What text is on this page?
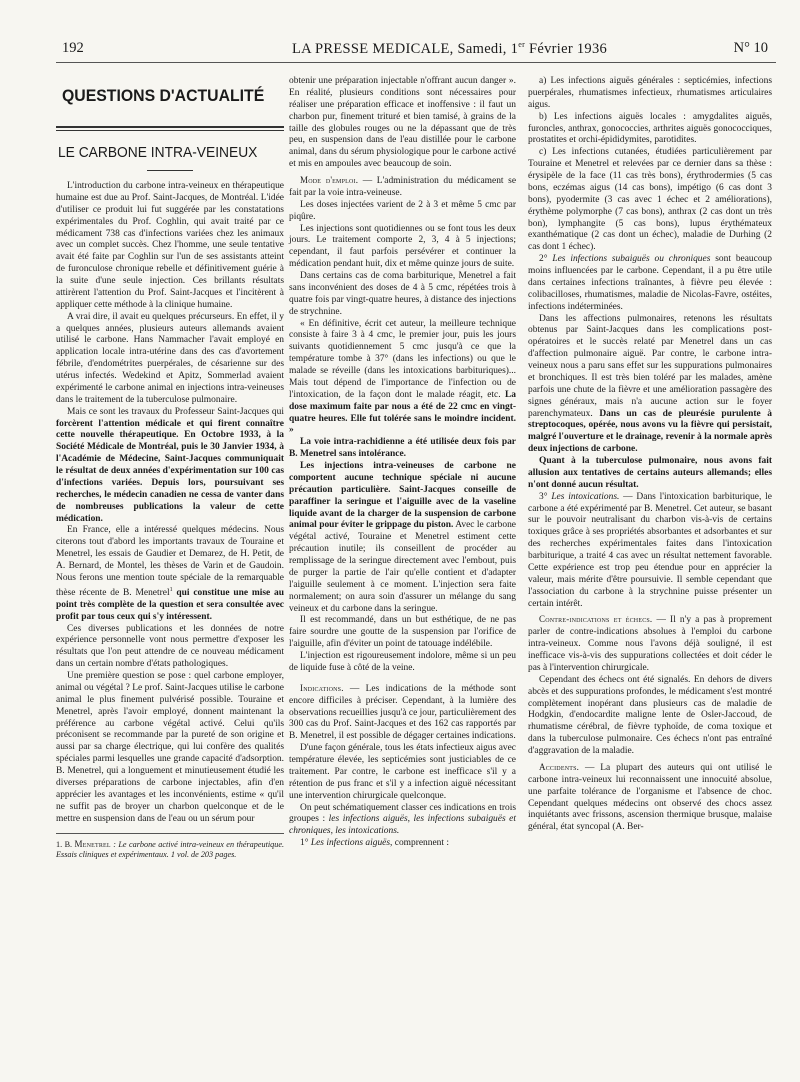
192	LA PRESSE MEDICALE, Samedi, 1er Février 1936	N° 10
QUESTIONS D'ACTUALITÉ
LE CARBONE INTRA-VEINEUX

L'introduction du carbone intra-veineux en thérapeutique humaine est due au Prof. Saint-Jacques, de Montréal. L'idée d'utiliser ce produit lui fut suggérée par les constatations expérimentales du Prof. Coghlin, qui avait traité par ce médicament 738 cas d'infections variées chez les animaux avec un complet succès. Chez l'homme, une seule tentative avait été faite par Coghlin sur l'un de ses assistants atteint de furonculose chronique rebelle et définitivement guérie à la suite d'une seule injection. Ces brillants résultats attirèrent l'attention du Prof. Saint-Jacques et l'incitèrent à appliquer cette méthode à la clinique humaine.

A vrai dire, il avait eu quelques précurseurs. En effet, il y a quelques années, plusieurs auteurs allemands avaient utilisé le carbone. Hans Nammacher l'avait employé en application locale intra-utérine dans des cas d'avortement fébrile, d'endométrites puerpérales, de césarienne sur des utérus infectés. Wedekind et Apitz, Sommerlad avaient expérimenté le carbone animal en injections intra-veineuses dans le traitement de la tuberculose pulmonaire.

Mais ce sont les travaux du Professeur Saint-Jacques qui forcèrent l'attention médicale et qui firent connaître cette nouvelle thérapeutique. En Octobre 1933, à la Société Médicale de Montréal, puis le 30 Janvier 1934, à l'Académie de Médecine, Saint-Jacques communiquait le résultat de deux années d'expérimentation sur 100 cas d'infections variées. Depuis lors, poursuivant ses recherches, le médecin canadien ne cessa de vanter dans de nombreuses publications la valeur de cette médication.

En France, elle a intéressé quelques médecins. Nous citerons tout d'abord les importants travaux de Touraine et Menetrel, les essais de Gaudier et Demarez, de H. Petit, de A. Bernard, de Montel, les thèses de Varin et de Gaudoin. Nous ferons une mention toute spéciale de la remarquable thèse récente de B. Menetrel$^1$ qui constitue une mise au point très complète de la question et sera consultée avec profit par tous ceux qui s'y intéressent.

Ces diverses publications et les données de notre expérience personnelle vont nous permettre d'exposer les résultats que l'on peut attendre de ce nouveau médicament dans un certain nombre d'états pathologiques.

Une première question se pose : quel carbone employer, animal ou végétal ? Le prof. Saint-Jacques utilise le carbone animal le plus finement pulvérisé possible. Touraine et Menetrel, après l'avoir employé, donnent maintenant la préférence au carbone végétal activé. Celui qu'ils préconisent se recommande par la pureté de son origine et aussi par sa charge électrique, qui lui confère des qualités spéciales parmi lesquelles une grande capacité d'adsorption. B. Menetrel, qui a longuement et minutieusement étudié les diverses préparations de carbone injectables, afin d'en apprécier les avantages et les inconvénients, estime « qu'il ne suffit pas de broyer un charbon quelconque et de le mettre en suspension dans de l'eau ou un sérum pour

1. B. Menetrel : Le carbone activé intra-veineux en thérapeutique. Essais cliniques et expérimentaux. 1 vol. de 203 pages.

obtenir une préparation injectable n'offrant aucun danger ». En réalité, plusieurs conditions sont nécessaires pour réaliser une préparation efficace et inoffensive : il faut un charbon pur, finement trituré et bien tamisé, à grains de la taille des globules rouges ou ne la dépassant que de très peu, en suspension dans de l'eau distillée pour le carbone animal, dans du sérum physiologique pour le carbone activé et mis en ampoules avec beaucoup de soin.

Mode d'emploi. — L'administration du médicament se fait par la voie intra-veineuse.

Les doses injectées varient de 2 à 3 et même 5 cmc par piqûre.

Les injections sont quotidiennes ou se font tous les deux jours. Le traitement comporte 2, 3, 4 à 5 injections; cependant, il faut parfois persévérer et continuer la médication pendant huit, dix et même quinze jours de suite.

Dans certains cas de coma barbiturique, Menetrel a fait sans inconvénient des doses de 4 à 5 cmc, répétées trois à quatre fois par vingt-quatre heures, à distance des injections de strychnine.

« En définitive, écrit cet auteur, la meilleure technique consiste à faire 3 à 4 cmc, le premier jour, puis les jours suivants quotidiennement 5 cmc jusqu'à ce que la température tombe à 37° (dans les infections) ou que le malade se réveille (dans les intoxications barbituriques)... Mais tout dépend de l'importance de l'infection ou de l'intoxication, de la façon dont le malade réagit, etc. La dose maximum faite par nous a été de 22 cmc en vingt-quatre heures. Elle fut tolérée sans le moindre incident. »

La voie intra-rachidienne a été utilisée deux fois par B. Menetrel sans intolérance.

Les injections intra-veineuses de carbone ne comportent aucune technique spéciale ni aucune précaution particulière. Saint-Jacques conseille de paraffiner la seringue et l'aiguille avec de la vaseline liquide avant de la charger de la suspension de carbone animal pour éviter le grippage du piston. Avec le carbone végétal activé, Touraine et Menetrel estiment cette précaution inutile; ils conseillent de procéder au remplissage de la seringue directement avec l'embout, puis de purger la partie de l'air qu'elle contient et d'adapter l'aiguille seulement à ce moment. L'injection sera faite normalement; on aura soin d'assurer un mélange du sang veineux et du carbone dans la seringue.

Il est recommandé, dans un but esthétique, de ne pas faire sourdre une goutte de la suspension par l'orifice de l'aiguille, afin d'éviter un point de tatouage indélébile.

L'injection est rigoureusement indolore, même si un peu de liquide fuse à côté de la veine.

Indications. — Les indications de la méthode sont encore difficiles à préciser. Cependant, à la lumière des observations recueillies jusqu'à ce jour, particulièrement des 300 cas du Prof. Saint-Jacques et des 162 cas rapportés par B. Menetrel, il est possible de dégager certaines indications.

D'une façon générale, tous les états infectieux aigus avec température élevée, les septicémies sont justiciables de ce traitement. Par contre, le carbone est inefficace s'il y a rétention de pus franc et s'il y a infection aiguë nécessitant une intervention chirurgicale quelconque.

On peut schématiquement classer ces indications en trois groupes : les infections aiguës, les infections subaiguës et chroniques, les intoxications.

1° Les infections aiguës, comprennent :

a) Les infections aiguës générales : septicémies, infections puerpérales, rhumatismes infectieux, rhumatismes articulaires aigus.

b) Les infections aiguës locales : amygdalites aiguës, furoncles, anthrax, gonococcies, arthrites aiguës gonococciques, prostatites et orchi-épididymites, parotidites.

c) Les infections cutanées, étudiées particulièrement par Touraine et Menetrel et relevées par ce dernier dans sa thèse : érysipèle de la face (11 cas très bons), érythrodermies (5 cas bons, eczémas aigus (14 cas bons), impétigo (6 cas dont 3 bons), pyodermite (3 cas avec 1 échec et 2 améliorations), érythème polymorphe (7 cas bons), anthrax (2 cas dont un très bon), lymphangite (5 cas bons), lupus érythémateux exanthématique (2 cas dont un échec), maladie de Durhing (2 cas dont 1 échec).

2° Les infections subaiguës ou chroniques sont beaucoup moins influencées par le carbone. Cependant, il a pu être utile dans certaines infections traînantes, à fièvre peu élevée : colibacilloses, rhumatismes, maladie de Nicolas-Favre, ostéites, infections indéterminées.

Dans les affections pulmonaires, retenons les résultats obtenus par Saint-Jacques dans les complications post-opératoires et le succès relaté par Menetrel dans un cas d'affection pulmonaire aiguë. Par contre, le carbone intra-veineux nous a paru sans effet sur les suppurations pulmonaires et bronchiques. Il est très bien toléré par les malades, amène parfois une chute de la fièvre et une amélioration passagère des signes généraux, mais n'a aucune action sur le foyer parenchymateux. Dans un cas de pleurésie purulente à streptocoques, opérée, nous avons vu la fièvre qui persistait, malgré l'ouverture et le drainage, revenir à la normale après deux injections de carbone.

Quant à la tuberculose pulmonaire, nous avons fait allusion aux tentatives de certains auteurs allemands; elles n'ont donné aucun résultat.

3° Les intoxications. — Dans l'intoxication barbiturique, le carbone a été expérimenté par B. Menetrel. Cet auteur, se basant sur le pouvoir neutralisant du charbon vis-à-vis de certains toxiques grâce à ses propriétés absorbantes et adsorbantes et sur des recherches expérimentales faites dans l'intoxication barbiturique, a traité 4 cas avec un résultat nettement favorable. Cette expérience est trop peu étendue pour en apprécier la valeur, mais mérite d'être poursuivie. Il semble cependant que l'association du carbone à la strychnine puisse présenter un certain intérêt.

Contre-indications et échecs. — Il n'y a pas à proprement parler de contre-indications absolues à l'emploi du carbone intra-veineux. Comme nous l'avons déjà souligné, il est inefficace vis-à-vis des suppurations collectées et doit céder le pas à l'intervention chirurgicale.

Cependant des échecs ont été signalés. En dehors de divers abcès et des suppurations profondes, le médicament s'est montré complètement inopérant dans plusieurs cas de maladie de Hodgkin, d'endocardite maligne lente de Osler-Jaccoud, de rhumatisme cérébral, de fièvre typhoïde, de coma toxique et dans la tuberculose pulmonaire. Ces échecs n'ont pas entraîné d'aggravation de la maladie.

Accidents. — La plupart des auteurs qui ont utilisé le carbone intra-veineux lui reconnaissent une innocuité absolue, une parfaite tolérance de l'organisme et l'absence de choc. Cependant quelques médecins ont observé des chocs assez inquiétants avec frissons, ascension thermique brusque, malaise général, état syncopal (A. Ber-
